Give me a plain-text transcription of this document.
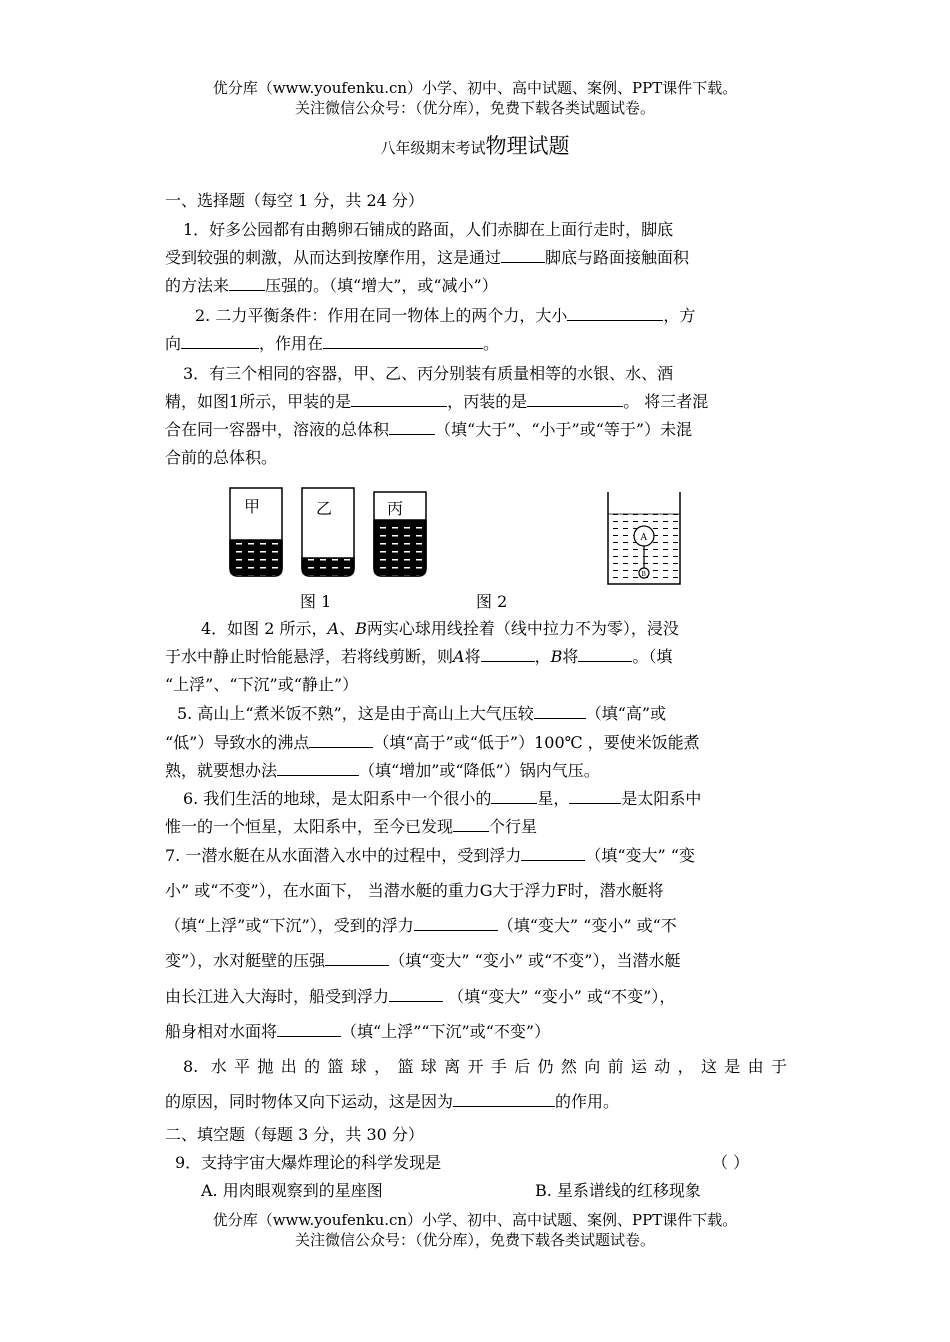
优分库（www.youfenku.cn）小学、初中、高中试题、案例、PPT课件下载。
关注微信公众号：（优分库），免费下载各类试题试卷。
八年级期末考试物理试题
一、选择题（每空 1 分，共 24 分）
1．好多公园都有由鹅卵石铺成的路面，人们赤脚在上面行走时，脚底
受到较强的刺激，从而达到按摩作用，这是通过	脚底与路面接触面积
的方法来 压强的。（填“增大”，或“减小”）
2. 二力平衡条件：作用在同一物体上的两个力，大小	，方
向	，作用在	。
3．有三个相同的容器，甲、乙、丙分别装有质量相等的水银、水、酒
精，如图1所示，甲装的是	，丙装的是	。 将三者混
合在同一容器中，溶液的总体积	（填“大于”、“小于”或“等于”）未混
合前的总体积。
甲	乙	丙
A
B
图 1	图 2
4．如图 2 所示，A、B两实心球用线拴着（线中拉力不为零），浸没
于水中静止时恰能悬浮，若将线剪断，则A将	，B将	。（填
“上浮”、“下沉”或“静止”）
5. 高山上“煮米饭不熟”，这是由于高山上大气压较	（填“高”或
“低”）导致水的沸点	（填“高于”或“低于”）100℃ ，要使米饭能煮
熟，就要想办法	（填“增加”或“降低”）锅内气压。
6. 我们生活的地球，是太阳系中一个很小的	星，	是太阳系中
惟一的一个恒星，太阳系中，至今已发现 个行星
7. 一潜水艇在从水面潜入水中的过程中，受到浮力	（填“变大” “变
小” 或“不变”），在水面下， 当潜水艇的重力G大于浮力F时，潜水艇将
（填“上浮”或“下沉”），受到的浮力	（填“变大” “变小” 或“不
变”），水对艇壁的压强	（填“变大” “变小” 或“不变”），当潜水艇
由长江进入大海时，船受到浮力	（填“变大” “变小” 或“不变”），
船身相对水面将	（填“上浮”“下沉”或“不变”）
8. 水平抛出的篮球，篮球离开手后仍然向前运动，这是由于
的原因，同时物体又向下运动，这是因为	的作用。
二、填空题（每题 3 分，共 30 分）
9．支持宇宙大爆炸理论的科学发现是	（ ）
A. 用肉眼观察到的星座图	B. 星系谱线的红移现象
优分库（www.youfenku.cn）小学、初中、高中试题、案例、PPT课件下载。
关注微信公众号：（优分库），免费下载各类试题试卷。
